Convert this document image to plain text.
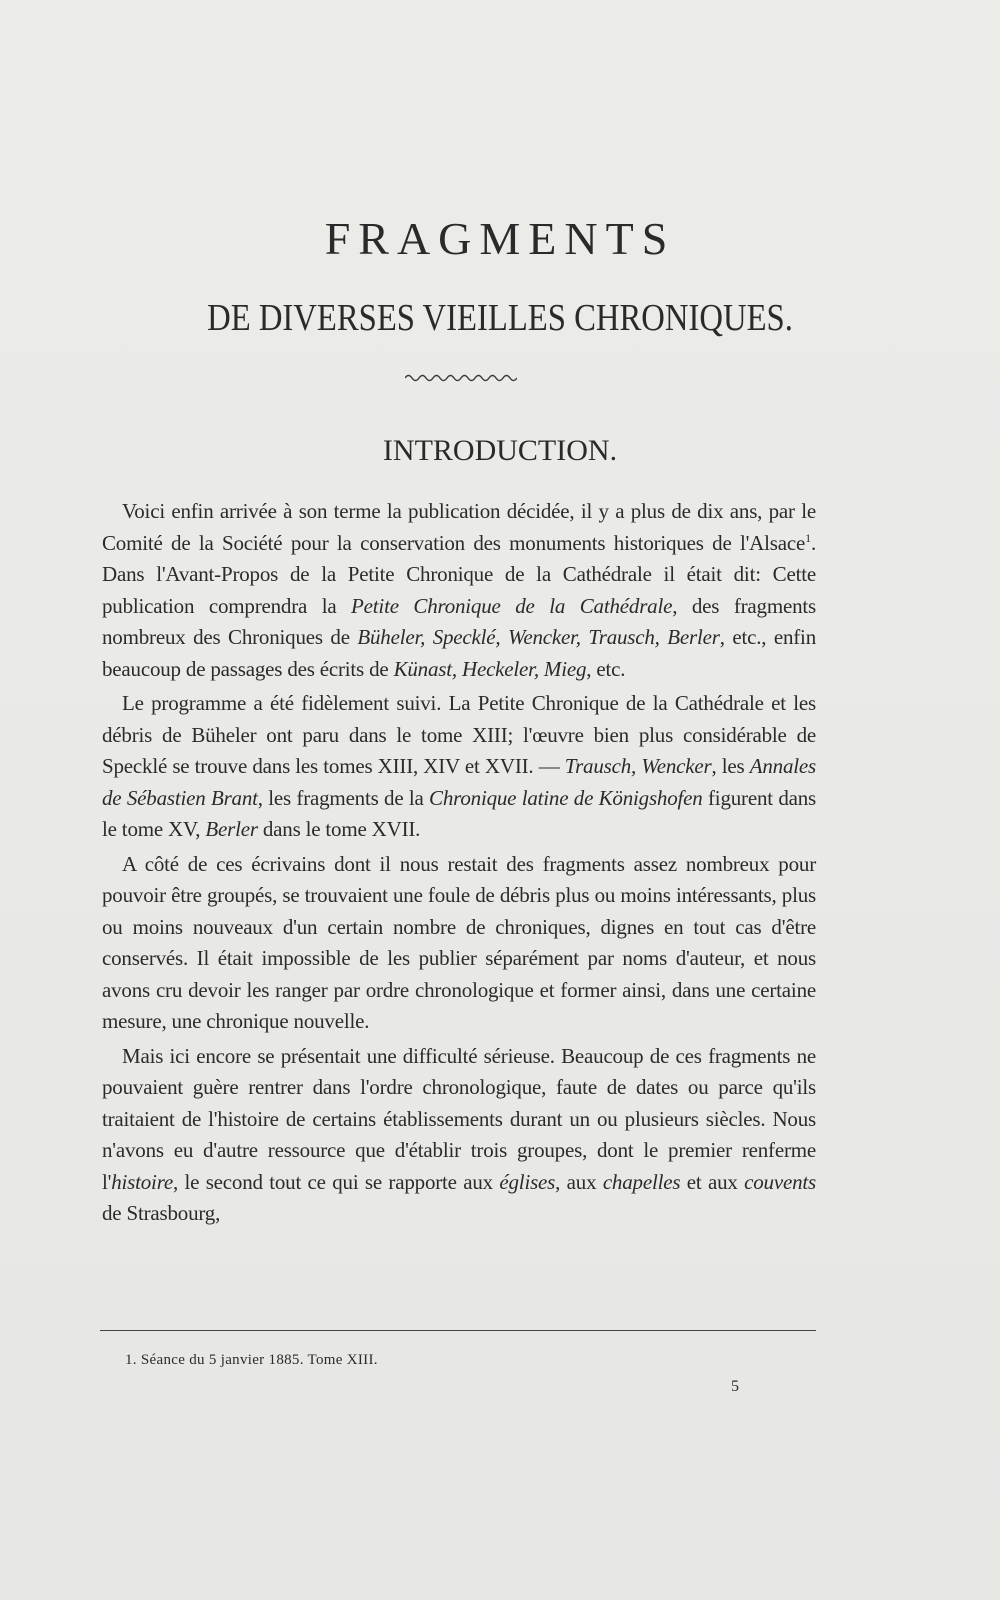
FRAGMENTS
DE DIVERSES VIEILLES CHRONIQUES.
INTRODUCTION.

Voici enfin arrivée à son terme la publication décidée, il y a plus de dix ans, par le Comité de la Société pour la conservation des monuments historiques de l'Alsace$^1$. Dans l'Avant-Propos de la Petite Chronique de la Cathédrale il était dit: Cette publication comprendra la Petite Chronique de la Cathédrale, des fragments nombreux des Chroniques de Büheler, Specklé, Wencker, Trausch, Berler, etc., enfin beaucoup de passages des écrits de Künast, Heckeler, Mieg, etc.

Le programme a été fidèlement suivi. La Petite Chronique de la Cathédrale et les débris de Büheler ont paru dans le tome XIII; l'œuvre bien plus considérable de Specklé se trouve dans les tomes XIII, XIV et XVII. — Trausch, Wencker, les Annales de Sébastien Brant, les fragments de la Chronique latine de Königshofen figurent dans le tome XV, Berler dans le tome XVII.

A côté de ces écrivains dont il nous restait des fragments assez nombreux pour pouvoir être groupés, se trouvaient une foule de débris plus ou moins intéressants, plus ou moins nouveaux d'un certain nombre de chroniques, dignes en tout cas d'être conservés. Il était impossible de les publier séparément par noms d'auteur, et nous avons cru devoir les ranger par ordre chronologique et former ainsi, dans une certaine mesure, une chronique nouvelle.

Mais ici encore se présentait une difficulté sérieuse. Beaucoup de ces fragments ne pouvaient guère rentrer dans l'ordre chronologique, faute de dates ou parce qu'ils traitaient de l'histoire de certains établissements durant un ou plusieurs siècles. Nous n'avons eu d'autre ressource que d'établir trois groupes, dont le premier renferme l'histoire, le second tout ce qui se rapporte aux églises, aux chapelles et aux couvents de Strasbourg,

1. Séance du 5 janvier 1885. Tome XIII.
5
